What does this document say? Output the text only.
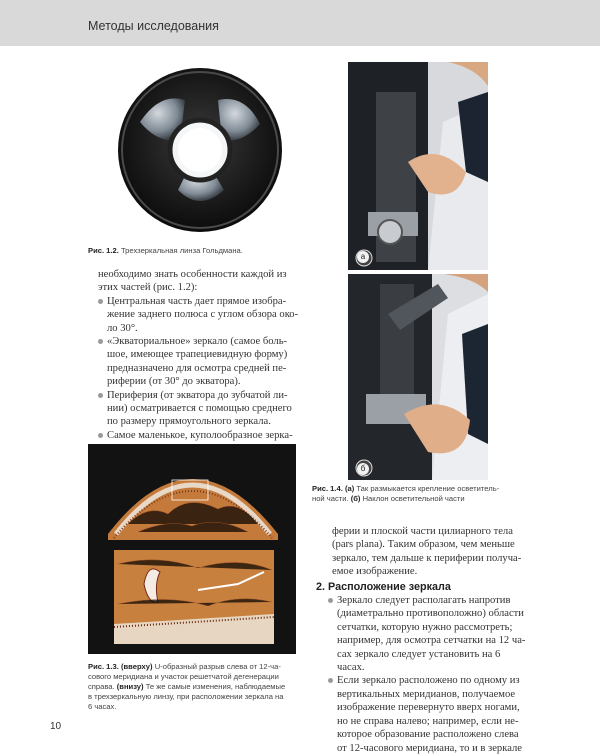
Методы исследования
Рис. 1.2. Трехзеркальная линза Гольдмана.

необходимо знать особенности каждой из

этих частей (рис. 1.2):

Центральная часть дает прямое изобра-

жение заднего полюса с углом обзора око-

ло 30°.

«Экваториальное» зеркало (самое боль-

шое, имеющее трапециевидную форму)

предназначено для осмотра средней пе-

риферии (от 30° до экватора).

Периферия (от экватора до зубчатой ли-

нии) осматривается с помощью среднего

по размеру прямоугольного зеркала.

Самое маленькое, куполообразное зерка-

Рис. 1.3. (вверху) U-образный разрыв слева от 12-ча-
сового меридиана и участок решетчатой дегенерации
справа. (внизу) Те же самые изменения, наблюдаемые
в трехзеркальную линзу, при расположении зеркала на
6 часах.
а
б
Рис. 1.4. (а) Так размыкается крепление осветитель-
ной части. (б) Наклон осветительной части

ферии и плоской части цилиарного тела

(pars plana). Таким образом, чем меньше

зеркало, тем дальше к периферии получа-

емое изображение.

2. Расположение зеркала

Зеркало следует располагать напротив

(диаметрально противоположно) области

сетчатки, которую нужно рассмотреть;

например, для осмотра сетчатки на 12 ча-

сах зеркало следует установить на 6 часах.

Если зеркало расположено по одному из

вертикальных меридианов, получаемое

изображение перевернуто вверх ногами,

но не справа налево; например, если не-

которое образование расположено слева

от 12-часового меридиана, то и в зеркале

10
